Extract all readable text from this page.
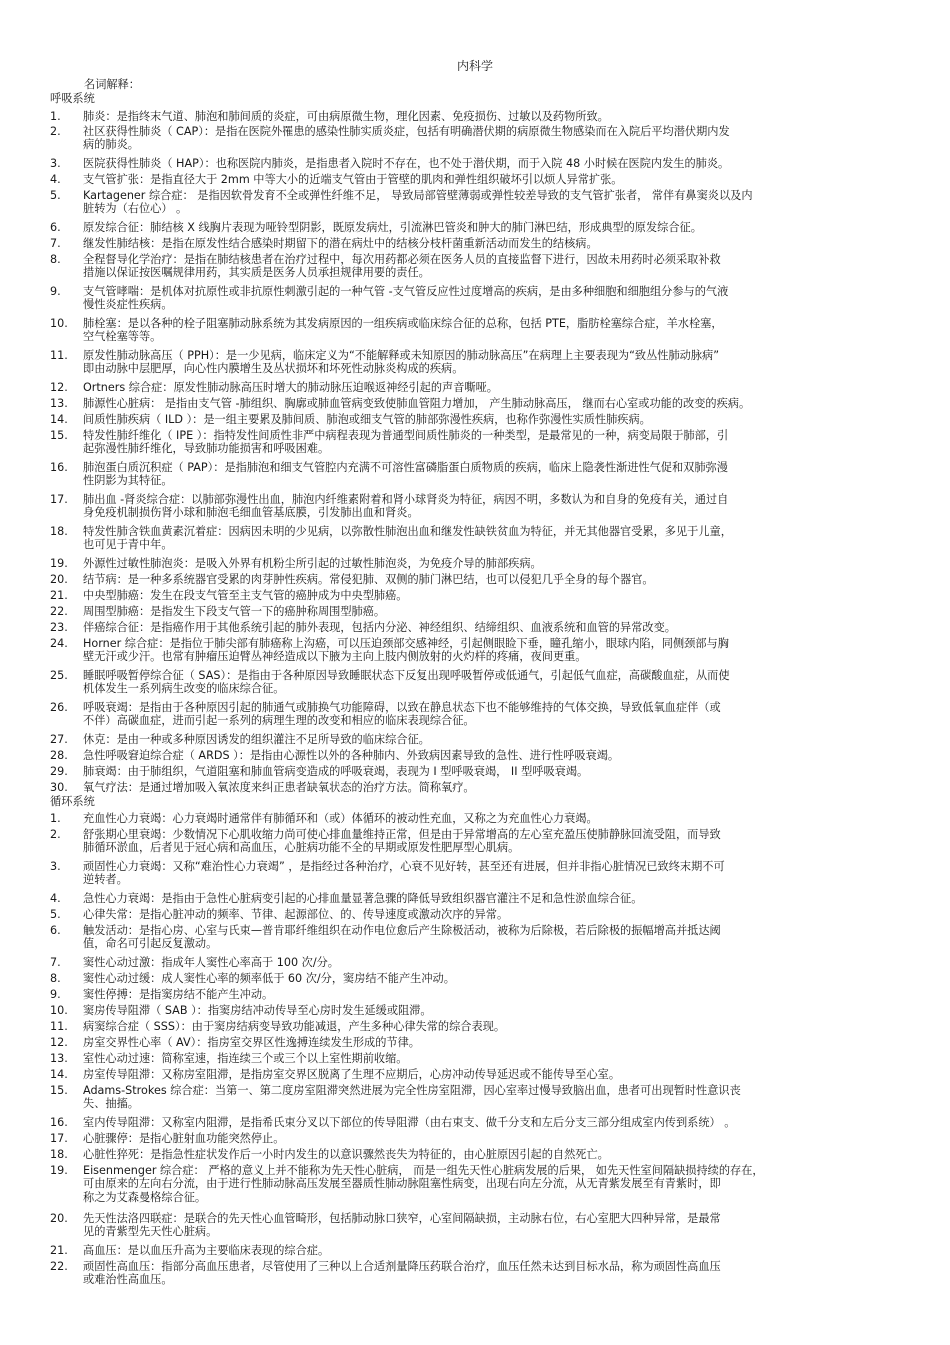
内科学
名词解释：
呼吸系统
1.	肺炎：是指终末气道、肺泡和肺间质的炎症，可由病原微生物，理化因素、免疫损伤、过敏以及药物所致。
2.	社区获得性肺炎（ CAP）：是指在医院外罹患的感染性肺实质炎症，包括有明确潜伏期的病原微生物感染而在入院后平均潜伏期内发
病的肺炎。
3.	医院获得性肺炎（ HAP）：也称医院内肺炎，是指患者入院时不存在，也不处于潜伏期，而于入院 48 小时候在医院内发生的肺炎。
4.	支气管扩张：是指直径大于 2mm 中等大小的近端支气管由于管壁的肌肉和弹性组织破坏引以烦人异常扩张。
5.	Kartagener 综合症： 是指因软骨发育不全或弹性纤维不足， 导致局部管壁薄弱或弹性较差导致的支气管扩张者， 常伴有鼻窦炎以及内
脏转为（右位心） 。
6.	原发综合征：肺结核 X 线胸片表现为哑铃型阴影，既原发病灶，引流淋巴管炎和肿大的肺门淋巴结，形成典型的原发综合征。
7.	继发性肺结核：是指在原发性结合感染时期留下的潜在病灶中的结核分枝杆菌重新活动而发生的结核病。
8.	全程督导化学治疗：是指在肺结核患者在治疗过程中，每次用药都必须在医务人员的直接监督下进行，因故未用药时必须采取补救
措施以保证按医嘱规律用药，其实质是医务人员承担规律用要的责任。
9.	支气管哮喘：是机体对抗原性或非抗原性刺激引起的一种气管 -支气管反应性过度增高的疾病，是由多种细胞和细胞组分参与的气液
慢性炎症性疾病。
10.	肺栓塞：是以各种的栓子阻塞肺动脉系统为其发病原因的一组疾病或临床综合征的总称，包括 PTE，脂肪栓塞综合症，羊水栓塞，
空气栓塞等等。
11.	原发性肺动脉高压（ PPH）：是一少见病，临床定义为“不能解释或未知原因的肺动脉高压”在病理上主要表现为“致丛性肺动脉病”
即由动脉中层肥厚，向心性内膜增生及丛状损坏和坏死性动脉炎构成的疾病。
12.	Ortners 综合症：原发性肺动脉高压时增大的肺动脉压迫喉返神经引起的声音嘶哑。
13.	肺源性心脏病： 是指由支气管 -肺组织、胸廓或肺血管病变致使肺血管阻力增加， 产生肺动脉高压， 继而右心室或功能的改变的疾病。
14.	间质性肺疾病（ ILD ）：是一组主要累及肺间质、肺泡或细支气管的肺部弥漫性疾病，也称作弥漫性实质性肺疾病。
15.	特发性肺纤维化（ IPE ）：指特发性间质性非严中病程表现为普通型间质性肺炎的一种类型，是最常见的一种，病变局限于肺部，引
起弥漫性肺纤维化，导致肺功能损害和呼吸困难。
16.	肺泡蛋白质沉积症（ PAP）：是指肺泡和细支气管腔内充满不可溶性富磷脂蛋白质物质的疾病，临床上隐袭性渐进性气促和双肺弥漫
性阴影为其特征。
17.	肺出血 -肾炎综合症：以肺部弥漫性出血，肺泡内纤维素附着和肾小球肾炎为特征，病因不明，多数认为和自身的免疫有关，通过自
身免疫机制损伤肾小球和肺泡毛细血管基底膜，引发肺出血和肾炎。
18.	特发性肺含铁血黄素沉着症：因病因未明的少见病，以弥散性肺泡出血和继发性缺铁贫血为特征，并无其他器官受累，多见于儿童，
也可见于青中年。
19.	外源性过敏性肺泡炎：是吸入外界有机粉尘所引起的过敏性肺泡炎，为免疫介导的肺部疾病。
20.	结节病：是一种多系统器官受累的肉芽肿性疾病。常侵犯肺、双侧的肺门淋巴结，也可以侵犯几乎全身的每个器官。
21.	中央型肺癌：发生在段支气管至主支气管的癌肿成为中央型肺癌。
22.	周围型肺癌：是指发生下段支气管一下的癌肿称周围型肺癌。
23.	伴癌综合征：是指癌作用于其他系统引起的肺外表现，包括内分泌、神经组织、结缔组织、血液系统和血管的异常改变。
24.	Horner 综合症：是指位于肺尖部有肺癌称上沟癌，可以压迫颈部交感神经，引起侧眼睑下垂，瞳孔缩小，眼球内陷，同侧颈部与胸
壁无汗或少汗。也常有肿瘤压迫臂丛神经造成以下腋为主向上肢内侧放射的火灼样的疼痛，夜间更重。
25.	睡眠呼吸暂停综合征（ SAS）：是指由于各种原因导致睡眠状态下反复出现呼吸暂停或低通气，引起低气血症，高碳酸血症，从而使
机体发生一系列病生改变的临床综合征。
26.	呼吸衰竭：是指由于各种原因引起的肺通气或肺换气功能障碍，以致在静息状态下也不能够维持的气体交换，导致低氧血症伴（或
不伴）高碳血症，进而引起一系列的病理生理的改变和相应的临床表现综合征。
27.	休克：是由一种或多种原因诱发的组织灌注不足所导致的临床综合征。
28.	急性呼吸窘迫综合症（ ARDS ）：是指由心源性以外的各种肺内、外致病因素导致的急性、进行性呼吸衰竭。
29.	肺衰竭：由于肺组织，气道阻塞和肺血管病变造成的呼吸衰竭，表现为 I 型呼吸衰竭， II 型呼吸衰竭。
30.	氧气疗法：是通过增加吸入氧浓度来纠正患者缺氧状态的治疗方法。简称氧疗。
循环系统
1.	充血性心力衰竭：心力衰竭时通常伴有肺循环和（或）体循环的被动性充血，又称之为充血性心力衰竭。
2.	舒张期心里衰竭：少数情况下心肌收缩力尚可使心排血量维持正常，但是由于异常增高的左心室充盈压使肺静脉回流受阻，而导致
肺循环淤血，后者见于冠心病和高血压，心脏病功能不全的早期或原发性肥厚型心肌病。
3.	顽固性心力衰竭：又称“难治性心力衰竭” ，是指经过各种治疗，心衰不见好转，甚至还有进展，但并非指心脏情况已致终末期不可
逆转者。
4.	急性心力衰竭：是指由于急性心脏病变引起的心排血量显著急骤的降低导致组织器官灌注不足和急性淤血综合征。
5.	心律失常：是指心脏冲动的频率、节律、起源部位、的、传导速度或激动次序的异常。
6.	触发活动：是指心房、心室与氏束—普肯耶纤维组织在动作电位愈后产生除极活动，被称为后除极，若后除极的振幅增高并抵达阈
值，命名可引起反复激动。
7.	窦性心动过激：指成年人窦性心率高于 100 次/分。
8.	窦性心动过缓：成人窦性心率的频率低于 60 次/分，窦房结不能产生冲动。
9.	窦性停搏：是指窦房结不能产生冲动。
10.	窦房传导阻滞（ SAB ）：指窦房结冲动传导至心房时发生延缓或阻滞。
11.	病窦综合症（ SSS）：由于窦房结病变导致功能减退，产生多种心律失常的综合表现。
12.	房室交界性心率（ AV）：指房室交界区性逸搏连续发生形成的节律。
13.	室性心动过速：简称室速，指连续三个或三个以上室性期前收缩。
14.	房室传导阻滞：又称房室阻滞，是指房室交界区脱离了生理不应期后，心房冲动传导延迟或不能传导至心室。
15.	Adams-Strokes 综合症：当第一、第二度房室阻滞突然进展为完全性房室阻滞，因心室率过慢导致脑出血，患者可出现暂时性意识丧
失、抽搐。
16.	室内传导阻滞：又称室内阻滞，是指希氏束分叉以下部位的传导阻滞（由右束支、做千分支和左后分支三部分组成室内传到系统） 。
17.	心脏骤停：是指心脏射血功能突然停止。
18.	心脏性猝死：是指急性症状发作后一小时内发生的以意识骤然丧失为特征的，由心脏原因引起的自然死亡。
19.	Eisenmenger 综合症： 严格的意义上并不能称为先天性心脏病， 而是一组先天性心脏病发展的后果， 如先天性室间隔缺损持续的存在，
可由原来的左向右分流，由于进行性肺动脉高压发展至器质性肺动脉阻塞性病变，出现右向左分流，从无青紫发展至有青紫时，即
称之为艾森曼格综合征。
20.	先天性法洛四联症：是联合的先天性心血管畸形，包括肺动脉口狭窄，心室间隔缺损，主动脉右位，右心室肥大四种异常，是最常
见的青紫型先天性心脏病。
21.	高血压：是以血压升高为主要临床表现的综合症。
22.	顽固性高血压：指部分高血压患者，尽管使用了三种以上合适剂量降压药联合治疗，血压任然未达到目标水品，称为顽固性高血压
或难治性高血压。
